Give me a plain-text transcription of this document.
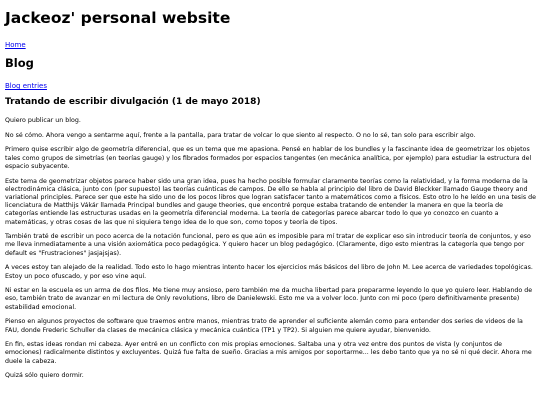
Jackeoz' personal website
Home
Blog
Blog entries
Tratando de escribir divulgación (1 de mayo 2018)

Quiero publicar un blog.

No sé cómo. Ahora vengo a sentarme aquí, frente a la pantalla, para tratar de volcar lo que siento al respecto. O no lo sé, tan solo para escribir algo.

Primero quise escribir algo de geometría diferencial, que es un tema que me apasiona. Pensé en hablar de los bundles y la fascinante idea de geometrizar los objetos tales como grupos de simetrías (en teorías gauge) y los fibrados formados por espacios tangentes (en mecánica analítica, por ejemplo) para estudiar la estructura del espacio subyacente.

Este tema de geometrizar objetos parece haber sido una gran idea, pues ha hecho posible formular claramente teorías como la relatividad, y la forma moderna de la electrodinámica clásica, junto con (por supuesto) las teorías cuánticas de campos. De ello se habla al principio del libro de David Bleckker llamado Gauge theory and variational principles. Parece ser que este ha sido uno de los pocos libros que logran satisfacer tanto a matemáticos como a físicos. Esto otro lo he leído en una tesis de licenciatura de Matthijs Vákár llamada Principal bundles and gauge theories, que encontré porque estaba tratando de entender la manera en que la teoría de categorías entiende las estructuras usadas en la geometría diferencial moderna. La teoría de categorías parece abarcar todo lo que yo conozco en cuanto a matemáticas, y otras cosas de las que ni siquiera tengo idea de lo que son, como topos y teoría de tipos.

También traté de escribir un poco acerca de la notación funcional, pero es que aún es imposible para mí tratar de explicar eso sin introducir teoría de conjuntos, y eso me lleva inmediatamente a una visión axiomática poco pedagógica. Y quiero hacer un blog pedagógico. (Claramente, digo esto mientras la categoría que tengo por default es "Frustraciones" jasjajsjas).

A veces estoy tan alejado de la realidad. Todo esto lo hago mientras intento hacer los ejercicios más básicos del libro de John M. Lee acerca de variedades topológicas. Estoy un poco ofuscado, y por eso vine aquí.

Ni estar en la escuela es un arma de dos filos. Me tiene muy ansioso, pero también me da mucha libertad para prepararme leyendo lo que yo quiero leer. Hablando de eso, también trato de avanzar en mi lectura de Only revolutions, libro de Danielewski. Esto me va a volver loco. Junto con mi poco (pero definitivamente presente) estabilidad emocional.

Pienso en algunos proyectos de software que traemos entre manos, mientras trato de aprender el suficiente alemán como para entender dos series de videos de la FAU, donde Frederic Schuller da clases de mecánica clásica y mecánica cuántica (TP1 y TP2). Si alguien me quiere ayudar, bienvenido.

En fin, estas ideas rondan mi cabeza. Ayer entré en un conflicto con mis propias emociones. Saltaba una y otra vez entre dos puntos de vista (y conjuntos de emociones) radicalmente distintos y excluyentes. Quizá fue falta de sueño. Gracias a mis amigos por soportarme... les debo tanto que ya no sé ni qué decir. Ahora me duele la cabeza.

Quizá sólo quiero dormir.
